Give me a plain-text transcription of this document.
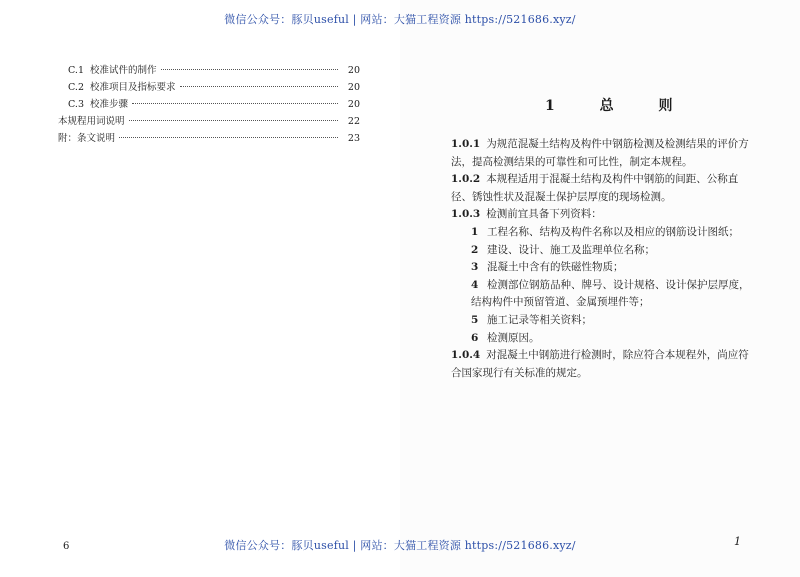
C.1 校准试件的制作	20
C.2 校准项目及指标要求	20
C.3 校准步骤	20
本规程用词说明	22
附：条文说明	23
6
1 总 则

1.0.1 为规范混凝土结构及构件中钢筋检测及检测结果的评价方法，提高检测结果的可靠性和可比性，制定本规程。

1.0.2 本规程适用于混凝土结构及构件中钢筋的间距、公称直径、锈蚀性状及混凝土保护层厚度的现场检测。

1.0.3 检测前宜具备下列资料：

1 工程名称、结构及构件名称以及相应的钢筋设计图纸；

2 建设、设计、施工及监理单位名称；

3 混凝土中含有的铁磁性物质；

4 检测部位钢筋品种、牌号、设计规格、设计保护层厚度，结构构件中预留管道、金属预埋件等；

5 施工记录等相关资料；

6 检测原因。

1.0.4 对混凝土中钢筋进行检测时，除应符合本规程外，尚应符合国家现行有关标准的规定。

1
微信公众号：豚贝useful | 网站：大猫工程资源 https://521686.xyz/
微信公众号：豚贝useful | 网站：大猫工程资源 https://521686.xyz/
